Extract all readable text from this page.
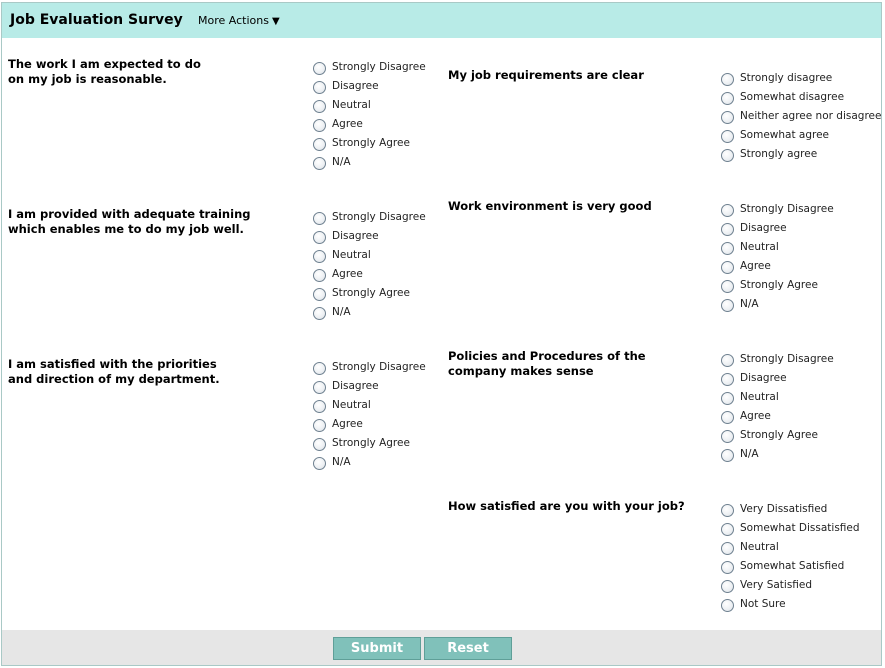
Job Evaluation Survey More Actions ▼
The work I am expected to do
on my job is reasonable.
Strongly Disagree
Disagree
Neutral
Agree
Strongly Agree
N/A
My job requirements are clear	Strongly disagree
Somewhat disagree
Neither agree nor disagree
Somewhat agree
Strongly agree
I am provided with adequate training
which enables me to do my job well.
Strongly Disagree
Disagree
Neutral
Agree
Strongly Agree
N/A
Work environment is very good	Strongly Disagree
Disagree
Neutral
Agree
Strongly Agree
N/A
I am satisfied with the priorities
and direction of my department.
Strongly Disagree
Disagree
Neutral
Agree
Strongly Agree
N/A
Policies and Procedures of the
company makes sense
Strongly Disagree
Disagree
Neutral
Agree
Strongly Agree
N/A
How satisfied are you with your job?	Very Dissatisfied
Somewhat Dissatisfied
Neutral
Somewhat Satisfied
Very Satisfied
Not Sure
Submit	Reset
